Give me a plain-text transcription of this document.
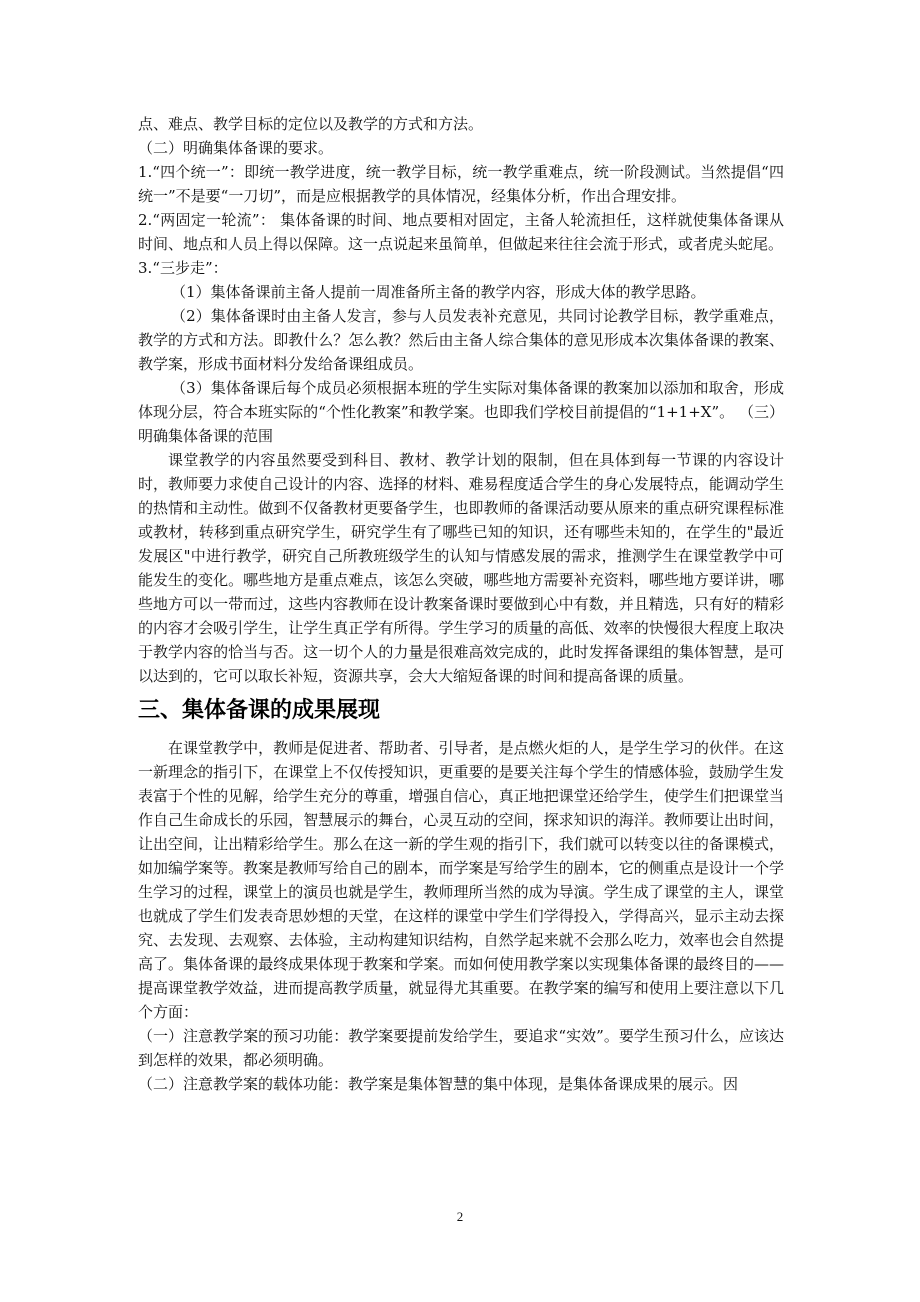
点、难点、教学目标的定位以及教学的方式和方法。

（二）明确集体备课的要求。

1.“四个统一”：即统一教学进度，统一教学目标，统一教学重难点，统一阶段测试。当然提倡“四统一”不是要“一刀切”，而是应根据教学的具体情况，经集体分析，作出合理安排。

2.“两固定一轮流”： 集体备课的时间、地点要相对固定，主备人轮流担任，这样就使集体备课从时间、地点和人员上得以保障。这一点说起来虽简单，但做起来往往会流于形式，或者虎头蛇尾。

3.“三步走”：

（1）集体备课前主备人提前一周准备所主备的教学内容，形成大体的教学思路。

（2）集体备课时由主备人发言，参与人员发表补充意见，共同讨论教学目标，教学重难点，教学的方式和方法。即教什么？怎么教？然后由主备人综合集体的意见形成本次集体备课的教案、教学案，形成书面材料分发给备课组成员。

（3）集体备课后每个成员必须根据本班的学生实际对集体备课的教案加以添加和取舍，形成体现分层，符合本班实际的“个性化教案”和教学案。也即我们学校目前提倡的“1+1+X”。 （三）明确集体备课的范围

课堂教学的内容虽然要受到科目、教材、教学计划的限制，但在具体到每一节课的内容设计时，教师要力求使自己设计的内容、选择的材料、难易程度适合学生的身心发展特点，能调动学生的热情和主动性。做到不仅备教材更要备学生，也即教师的备课活动要从原来的重点研究课程标准或教材，转移到重点研究学生，研究学生有了哪些已知的知识，还有哪些未知的，在学生的"最近发展区"中进行教学，研究自己所教班级学生的认知与情感发展的需求，推测学生在课堂教学中可能发生的变化。哪些地方是重点难点，该怎么突破，哪些地方需要补充资料，哪些地方要详讲，哪些地方可以一带而过，这些内容教师在设计教案备课时要做到心中有数，并且精选，只有好的精彩的内容才会吸引学生，让学生真正学有所得。学生学习的质量的高低、效率的快慢很大程度上取决于教学内容的恰当与否。这一切个人的力量是很难高效完成的，此时发挥备课组的集体智慧，是可以达到的，它可以取长补短，资源共享，会大大缩短备课的时间和提高备课的质量。

三、集体备课的成果展现

在课堂教学中，教师是促进者、帮助者、引导者，是点燃火炬的人，是学生学习的伙伴。在这一新理念的指引下，在课堂上不仅传授知识，更重要的是要关注每个学生的情感体验，鼓励学生发表富于个性的见解，给学生充分的尊重，增强自信心，真正地把课堂还给学生，使学生们把课堂当作自己生命成长的乐园，智慧展示的舞台，心灵互动的空间，探求知识的海洋。教师要让出时间，让出空间，让出精彩给学生。那么在这一新的学生观的指引下，我们就可以转变以往的备课模式，如加编学案等。教案是教师写给自己的剧本，而学案是写给学生的剧本，它的侧重点是设计一个学生学习的过程，课堂上的演员也就是学生，教师理所当然的成为导演。学生成了课堂的主人，课堂也就成了学生们发表奇思妙想的天堂，在这样的课堂中学生们学得投入，学得高兴，显示主动去探究、去发现、去观察、去体验，主动构建知识结构，自然学起来就不会那么吃力，效率也会自然提高了。集体备课的最终成果体现于教案和学案。而如何使用教学案以实现集体备课的最终目的——提高课堂教学效益，进而提高教学质量，就显得尤其重要。在教学案的编写和使用上要注意以下几个方面：

（一）注意教学案的预习功能：教学案要提前发给学生，要追求“实效”。要学生预习什么，应该达到怎样的效果，都必须明确。

（二）注意教学案的载体功能：教学案是集体智慧的集中体现，是集体备课成果的展示。因

2
